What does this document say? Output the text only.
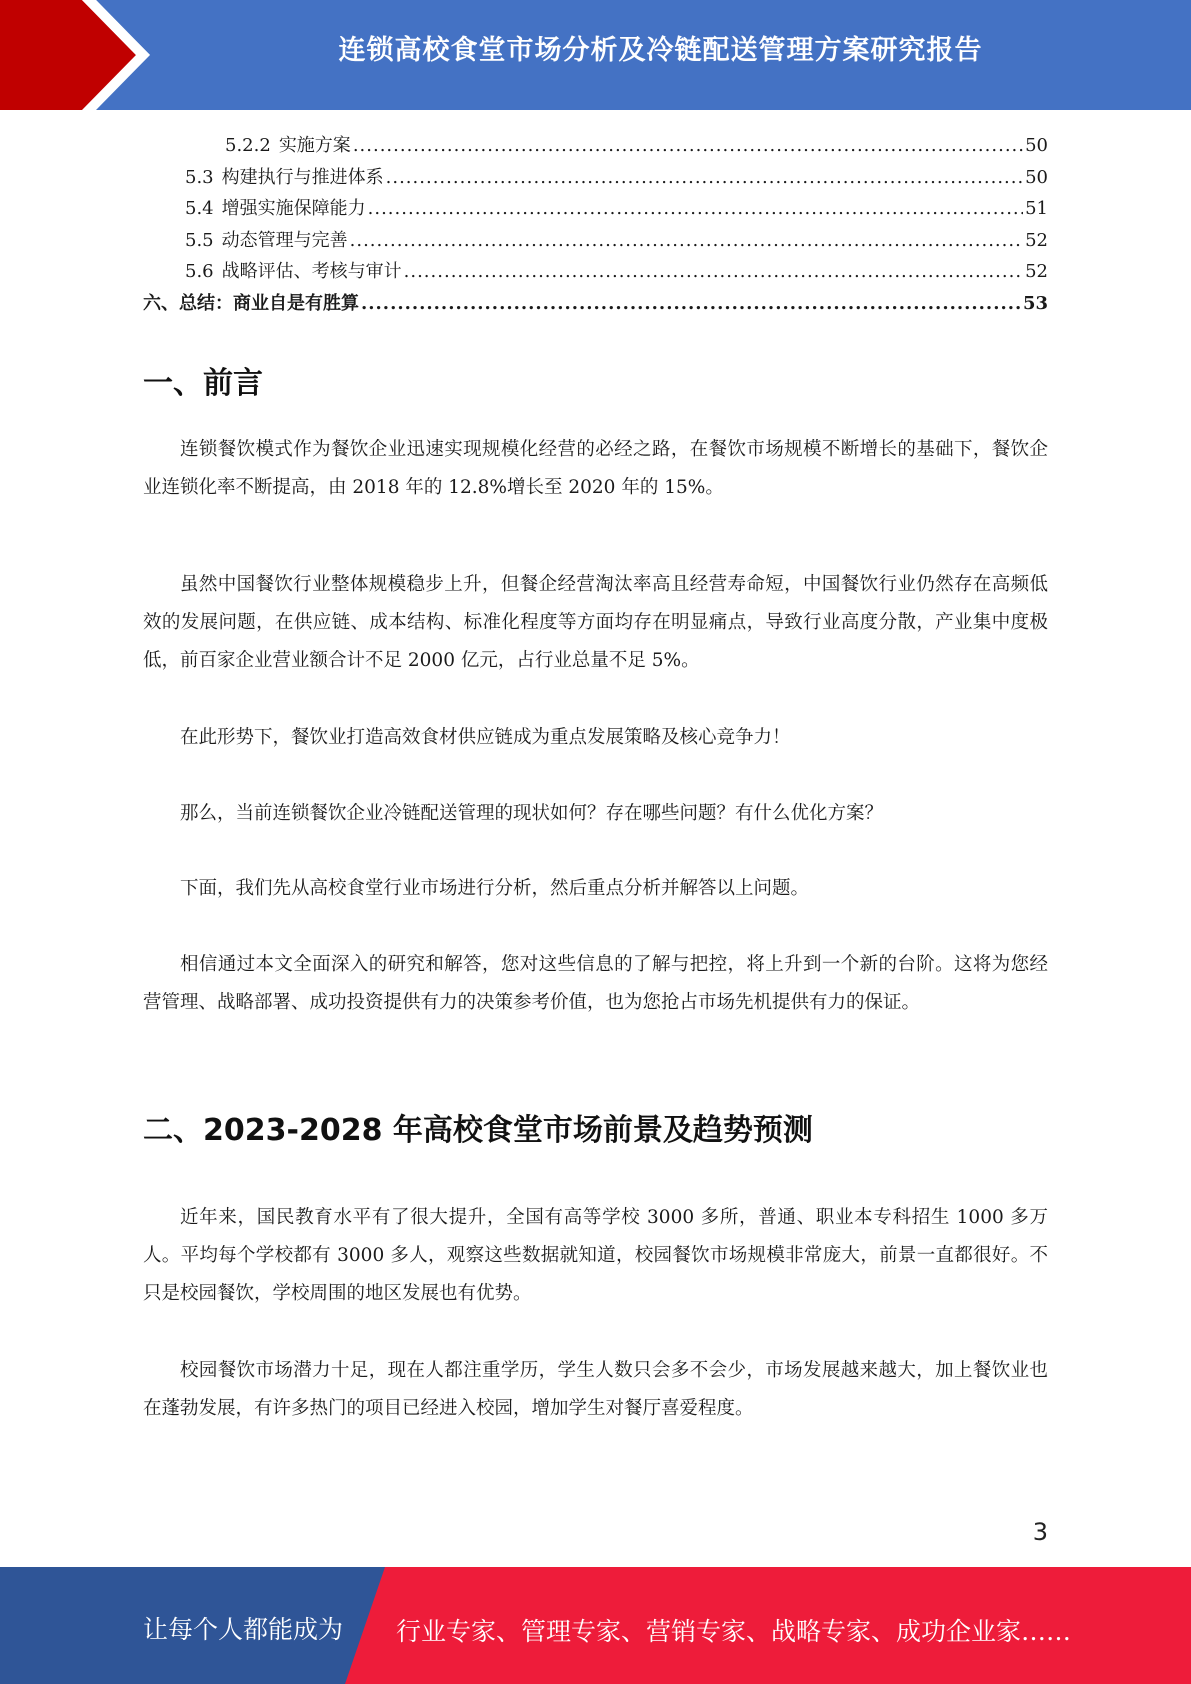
连锁高校食堂市场分析及冷链配送管理方案研究报告
5.2.2 实施方案 .....	50
5.3 构建执行与推进体系 .....	50
5.4 增强实施保障能力 .....	51
5.5 动态管理与完善 .....	52
5.6 战略评估、考核与审计 .....	52
六、总结：商业自是有胜算 .....	53
一、前言

连锁餐饮模式作为餐饮企业迅速实现规模化经营的必经之路，在餐饮市场规模不断增长的基础下，餐饮企业连锁化率不断提高，由 2018 年的 12.8%增长至 2020 年的 15%。

虽然中国餐饮行业整体规模稳步上升，但餐企经营淘汰率高且经营寿命短，中国餐饮行业仍然存在高频低效的发展问题，在供应链、成本结构、标准化程度等方面均存在明显痛点，导致行业高度分散，产业集中度极低，前百家企业营业额合计不足 2000 亿元，占行业总量不足 5%。

在此形势下，餐饮业打造高效食材供应链成为重点发展策略及核心竞争力！

那么，当前连锁餐饮企业冷链配送管理的现状如何？存在哪些问题？有什么优化方案？

下面，我们先从高校食堂行业市场进行分析，然后重点分析并解答以上问题。

相信通过本文全面深入的研究和解答，您对这些信息的了解与把控，将上升到一个新的台阶。这将为您经营管理、战略部署、成功投资提供有力的决策参考价值，也为您抢占市场先机提供有力的保证。

二、2023-2028 年高校食堂市场前景及趋势预测

近年来，国民教育水平有了很大提升，全国有高等学校 3000 多所，普通、职业本专科招生 1000 多万人。平均每个学校都有 3000 多人，观察这些数据就知道，校园餐饮市场规模非常庞大，前景一直都很好。不只是校园餐饮，学校周围的地区发展也有优势。

校园餐饮市场潜力十足，现在人都注重学历，学生人数只会多不会少，市场发展越来越大，加上餐饮业也在蓬勃发展，有许多热门的项目已经进入校园，增加学生对餐厅喜爱程度。

3
让每个人都能成为 行业专家、管理专家、营销专家、战略专家、成功企业家……
